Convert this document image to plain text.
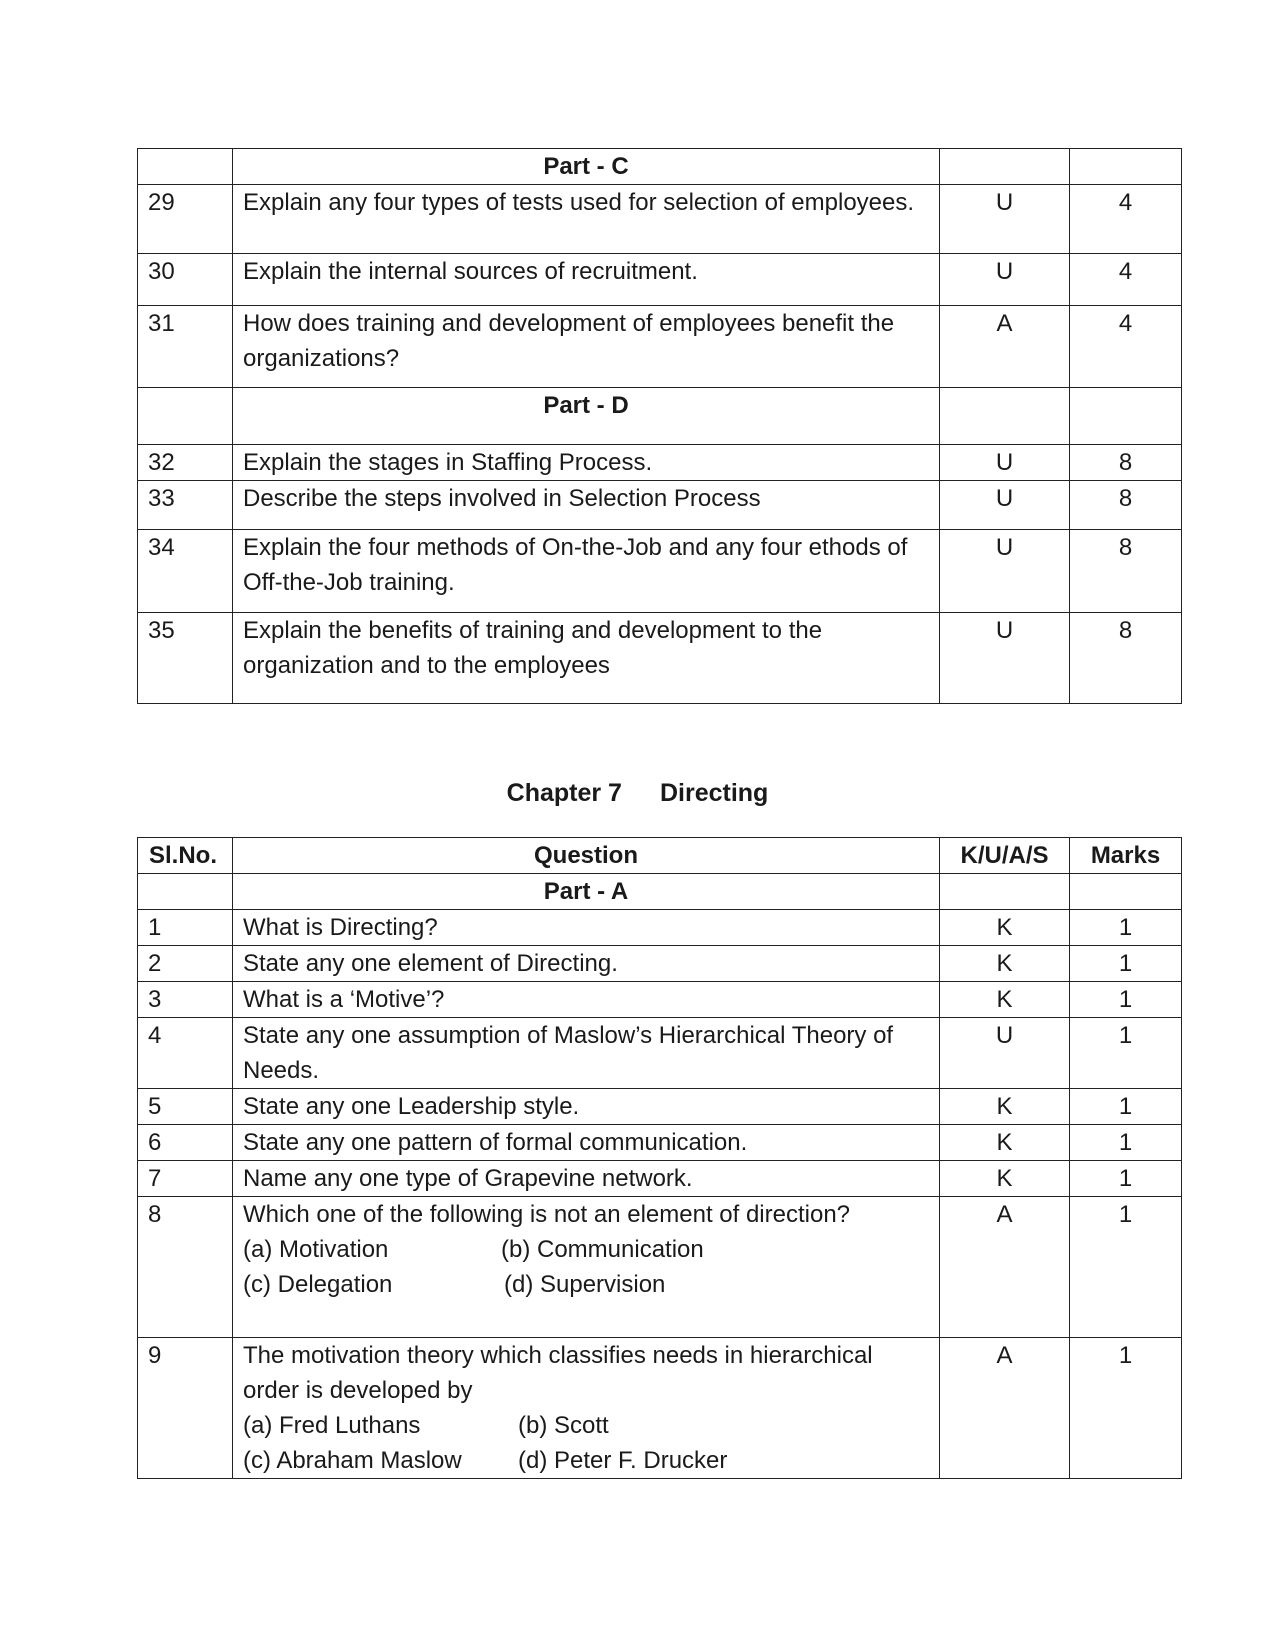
	Part - C		
29	Explain any four types of tests used for selection of employees.	U	4
30	Explain the internal sources of recruitment.	U	4
31	How does training and development of employees benefit the organizations?	A	4
	Part - D		
32	Explain the stages in Staffing Process.	U	8
33	Describe the steps involved in Selection Process	U	8
34	Explain the four methods of On-the-Job and any four ethods of Off-the-Job training.	U	8
35	Explain the benefits of training and development to the organization and to the employees	U	8
Chapter 7 Directing
Sl.No.	Question	K/U/A/S	Marks
	Part - A		
1	What is Directing?	K	1
2	State any one element of Directing.	K	1
3	What is a ‘Motive’?	K	1
4	State any one assumption of Maslow’s Hierarchical Theory of Needs.	U	1
5	State any one Leadership style.	K	1
6	State any one pattern of formal communication.	K	1
7	Name any one type of Grapevine network.	K	1
8	Which one of the following is not an element of direction?
(a) Motivation (b) Communication
(c) Delegation (d) Supervision	A	1
9	The motivation theory which classifies needs in hierarchical order is developed by
(a) Fred Luthans (b) Scott
(c) Abraham Maslow (d) Peter F. Drucker	A	1
